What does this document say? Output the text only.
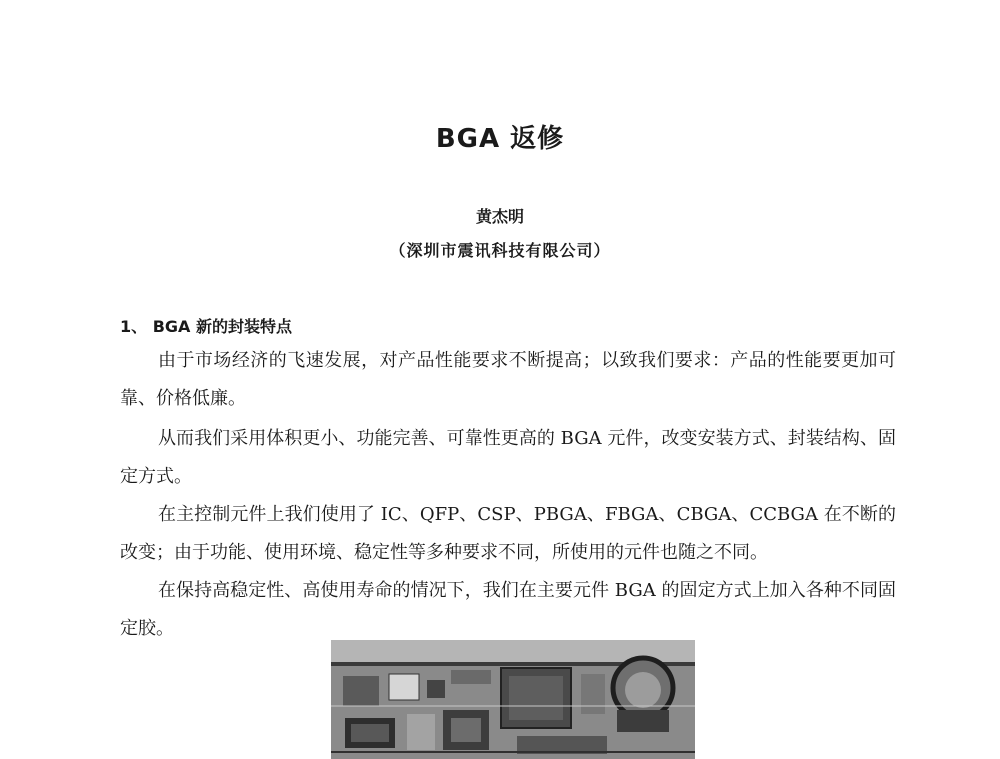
BGA 返修
黄杰明
（深圳市震讯科技有限公司）
1、 BGA 新的封装特点

由于市场经济的飞速发展，对产品性能要求不断提高；以致我们要求：产品的性能要更加可靠、价格低廉。

从而我们采用体积更小、功能完善、可靠性更高的 BGA 元件，改变安装方式、封装结构、固定方式。

在主控制元件上我们使用了 IC、QFP、CSP、PBGA、FBGA、CBGA、CCBGA 在不断的改变；由于功能、使用环境、稳定性等多种要求不同，所使用的元件也随之不同。

在保持高稳定性、高使用寿命的情况下，我们在主要元件 BGA 的固定方式上加入各种不同固定胶。
